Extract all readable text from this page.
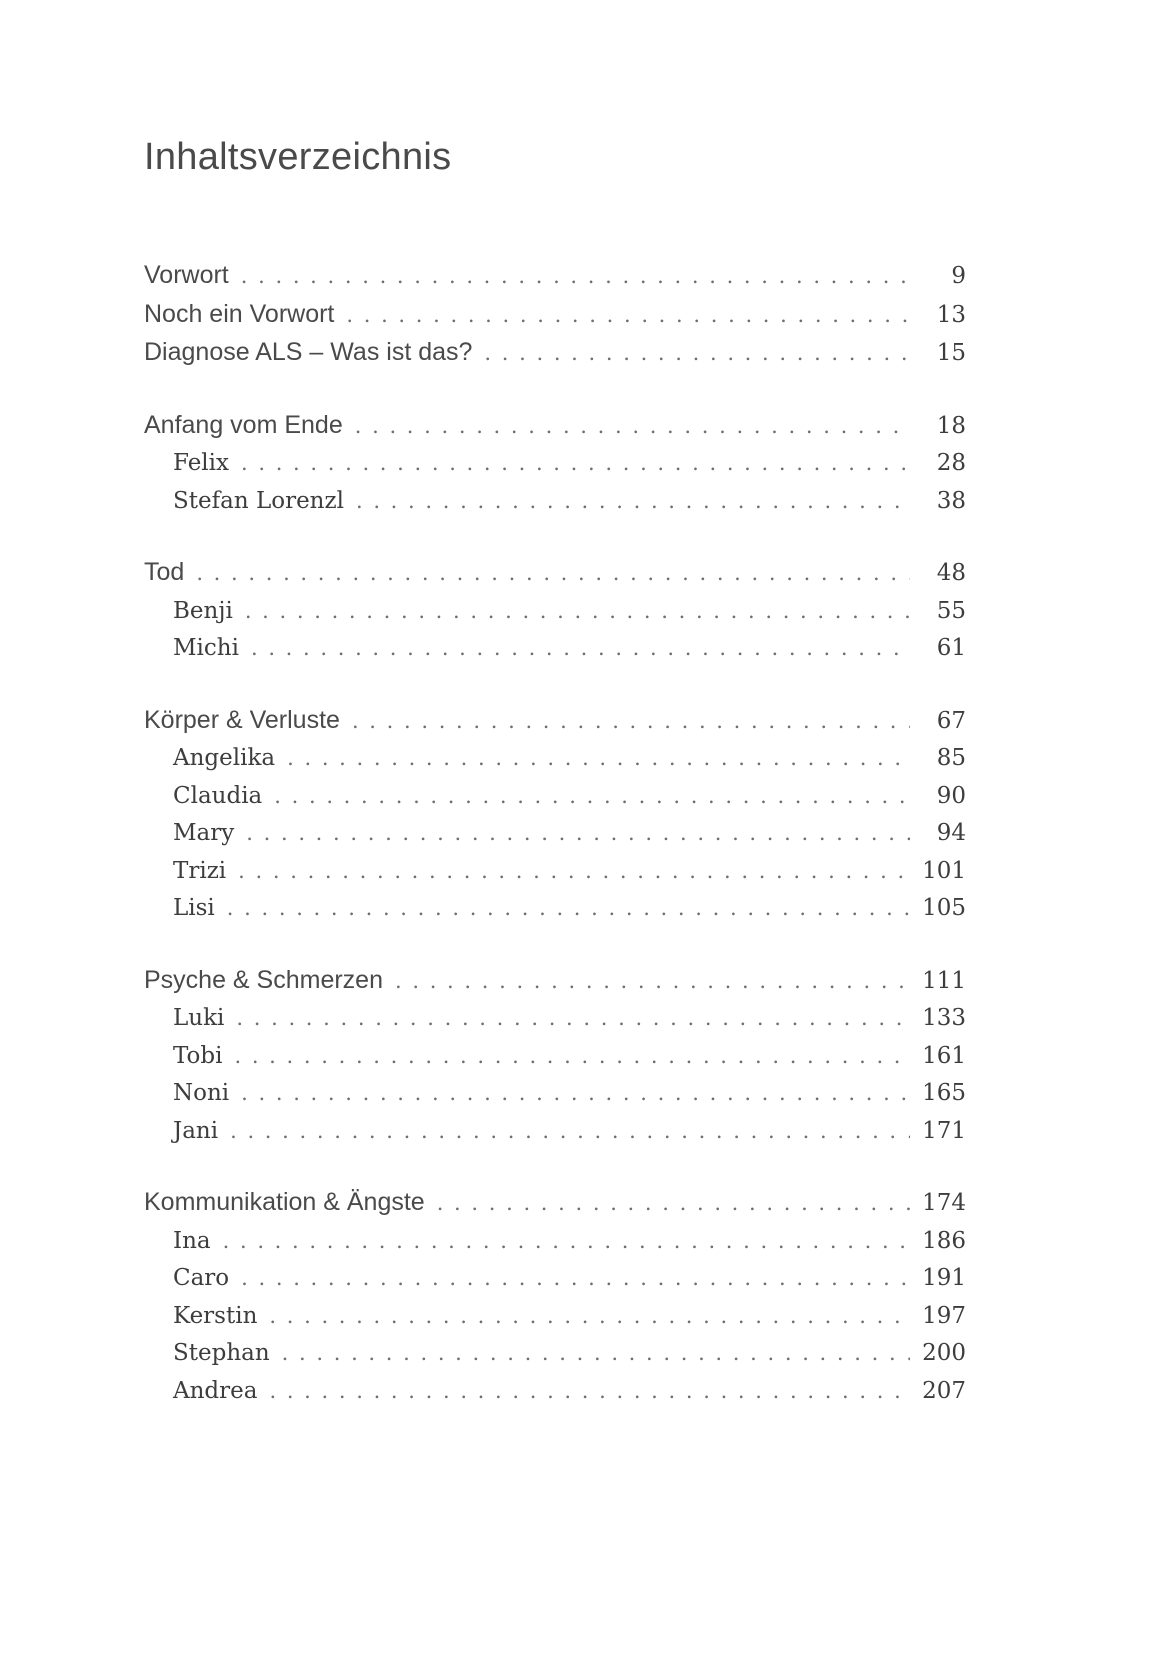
Inhaltsverzeichnis
Vorwort . . .	9
Noch ein Vorwort . . .	13
Diagnose ALS – Was ist das? . . .	15
Anfang vom Ende . . .	18
Felix . . .	28
Stefan Lorenzl . . .	38
Tod . . .	48
Benji . . .	55
Michi . . .	61
Körper & Verluste . . .	67
Angelika . . .	85
Claudia . . .	90
Mary . . .	94
Trizi . . .	101
Lisi . . .	105
Psyche & Schmerzen . . .	111
Luki . . .	133
Tobi . . .	161
Noni . . .	165
Jani . . .	171
Kommunikation & Ängste . . .	174
Ina . . .	186
Caro . . .	191
Kerstin . . .	197
Stephan . . .	200
Andrea . . .	207
